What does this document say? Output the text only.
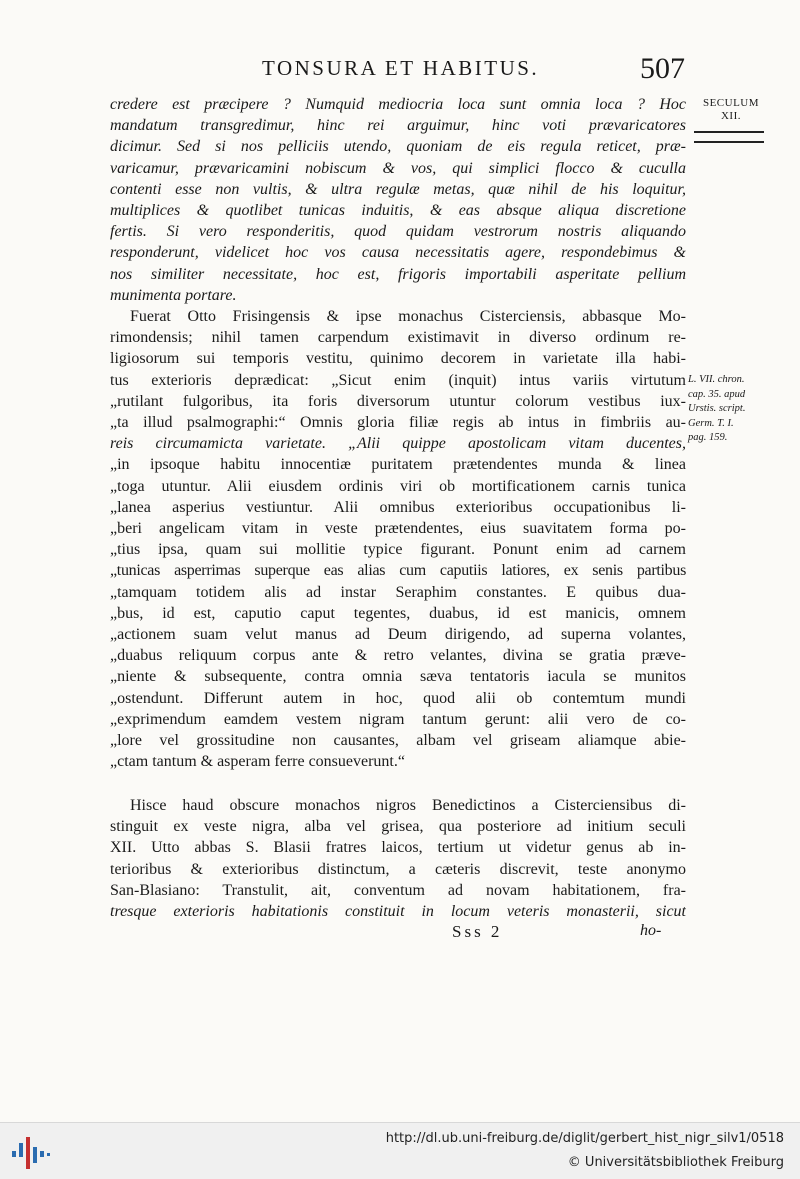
TONSURA ET HABITUS.	507
SECULUM
XII.
credere est præcipere ? Numquid mediocria loca sunt omnia loca ? Hoc
mandatum transgredimur, hinc rei arguimur, hinc voti prævaricatores
dicimur. Sed si nos pelliciis utendo, quoniam de eis regula reticet, præ-
varicamur, prævaricamini nobiscum & vos, qui simplici flocco & cuculla
contenti esse non vultis, & ultra regulæ metas, quæ nihil de his loquitur,
multiplices & quotlibet tunicas induitis, & eas absque aliqua discretione
fertis. Si vero responderitis, quod quidam vestrorum nostris aliquando
responderunt, videlicet hoc vos causa necessitatis agere, respondebimus &
nos similiter necessitate, hoc est, frigoris importabili asperitate pellium
munimenta portare.
Fuerat Otto Frisingensis & ipse monachus Cisterciensis, abbasque Mo-
rimondensis; nihil tamen carpendum existimavit in diverso ordinum re-
ligiosorum sui temporis vestitu, quinimo decorem in varietate illa habi-
tus exterioris deprædicat: „Sicut enim (inquit) intus variis virtutum
„rutilant fulgoribus, ita foris diversorum utuntur colorum vestibus iux-
„ta illud psalmographi:“ Omnis gloria filiæ regis ab intus in fimbriis au-
reis circumamicta varietate. „Alii quippe apostolicam vitam ducentes,
„in ipsoque habitu innocentiæ puritatem prætendentes munda & linea
„toga utuntur. Alii eiusdem ordinis viri ob mortificationem carnis tunica
„lanea asperius vestiuntur. Alii omnibus exterioribus occupationibus li-
„beri angelicam vitam in veste prætendentes, eius suavitatem forma po-
„tius ipsa, quam sui mollitie typice figurant. Ponunt enim ad carnem
„tunicas asperrimas superque eas alias cum caputiis latiores, ex senis partibus
„tamquam totidem alis ad instar Seraphim constantes. E quibus dua-
„bus, id est, caputio caput tegentes, duabus, id est manicis, omnem
„actionem suam velut manus ad Deum dirigendo, ad superna volantes,
„duabus reliquum corpus ante & retro velantes, divina se gratia præve-
„niente & subsequente, contra omnia sæva tentatoris iacula se munitos
„ostendunt. Differunt autem in hoc, quod alii ob contemtum mundi
„exprimendum eamdem vestem nigram tantum gerunt: alii vero de co-
„lore vel grossitudine non causantes, albam vel griseam aliamque abie-
„ctam tantum & asperam ferre consueverunt.“
L. VII. chron.
cap. 35. apud
Urstis. script.
Germ. T. I.
pag. 159.
Hisce haud obscure monachos nigros Benedictinos a Cisterciensibus di-
stinguit ex veste nigra, alba vel grisea, qua posteriore ad initium seculi
XII. Utto abbas S. Blasii fratres laicos, tertium ut videtur genus ab in-
terioribus & exterioribus distinctum, a cæteris discrevit, teste anonymo
San-Blasiano: Transtulit, ait, conventum ad novam habitationem, fra-
tresque exterioris habitationis constituit in locum veteris monasterii, sicut
Sss 2	ho-
http://dl.ub.uni-freiburg.de/diglit/gerbert_hist_nigr_silv1/0518
© Universitätsbibliothek Freiburg
